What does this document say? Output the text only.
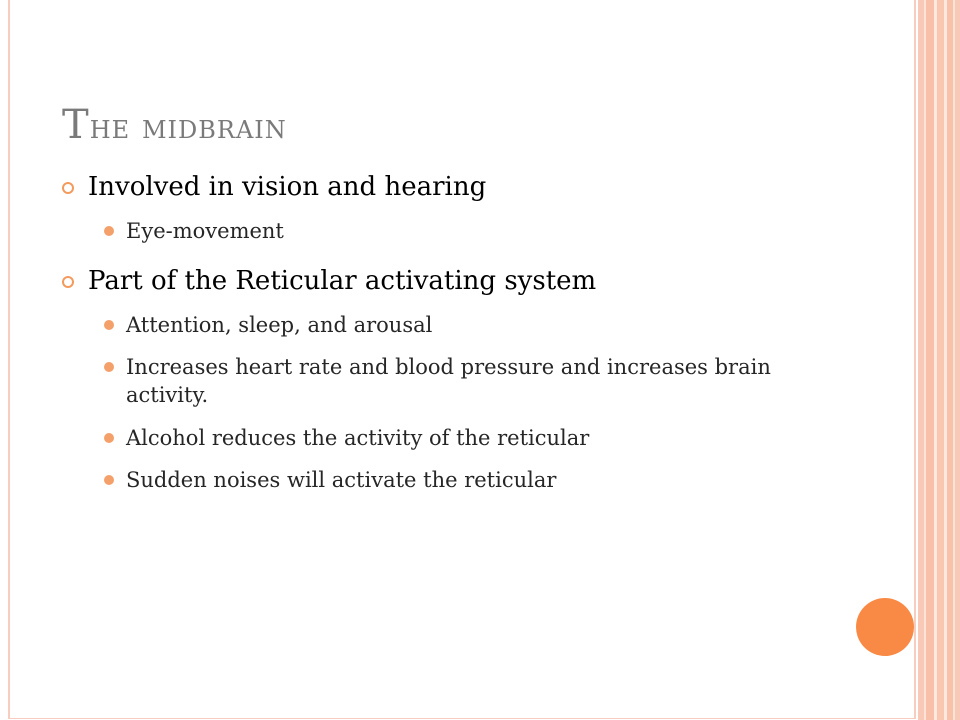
The midbrain
Involved in vision and hearing
Eye-movement
Part of the Reticular activating system
Attention, sleep, and arousal
Increases heart rate and blood pressure and increases brain activity.
Alcohol reduces the activity of the reticular
Sudden noises will activate the reticular
